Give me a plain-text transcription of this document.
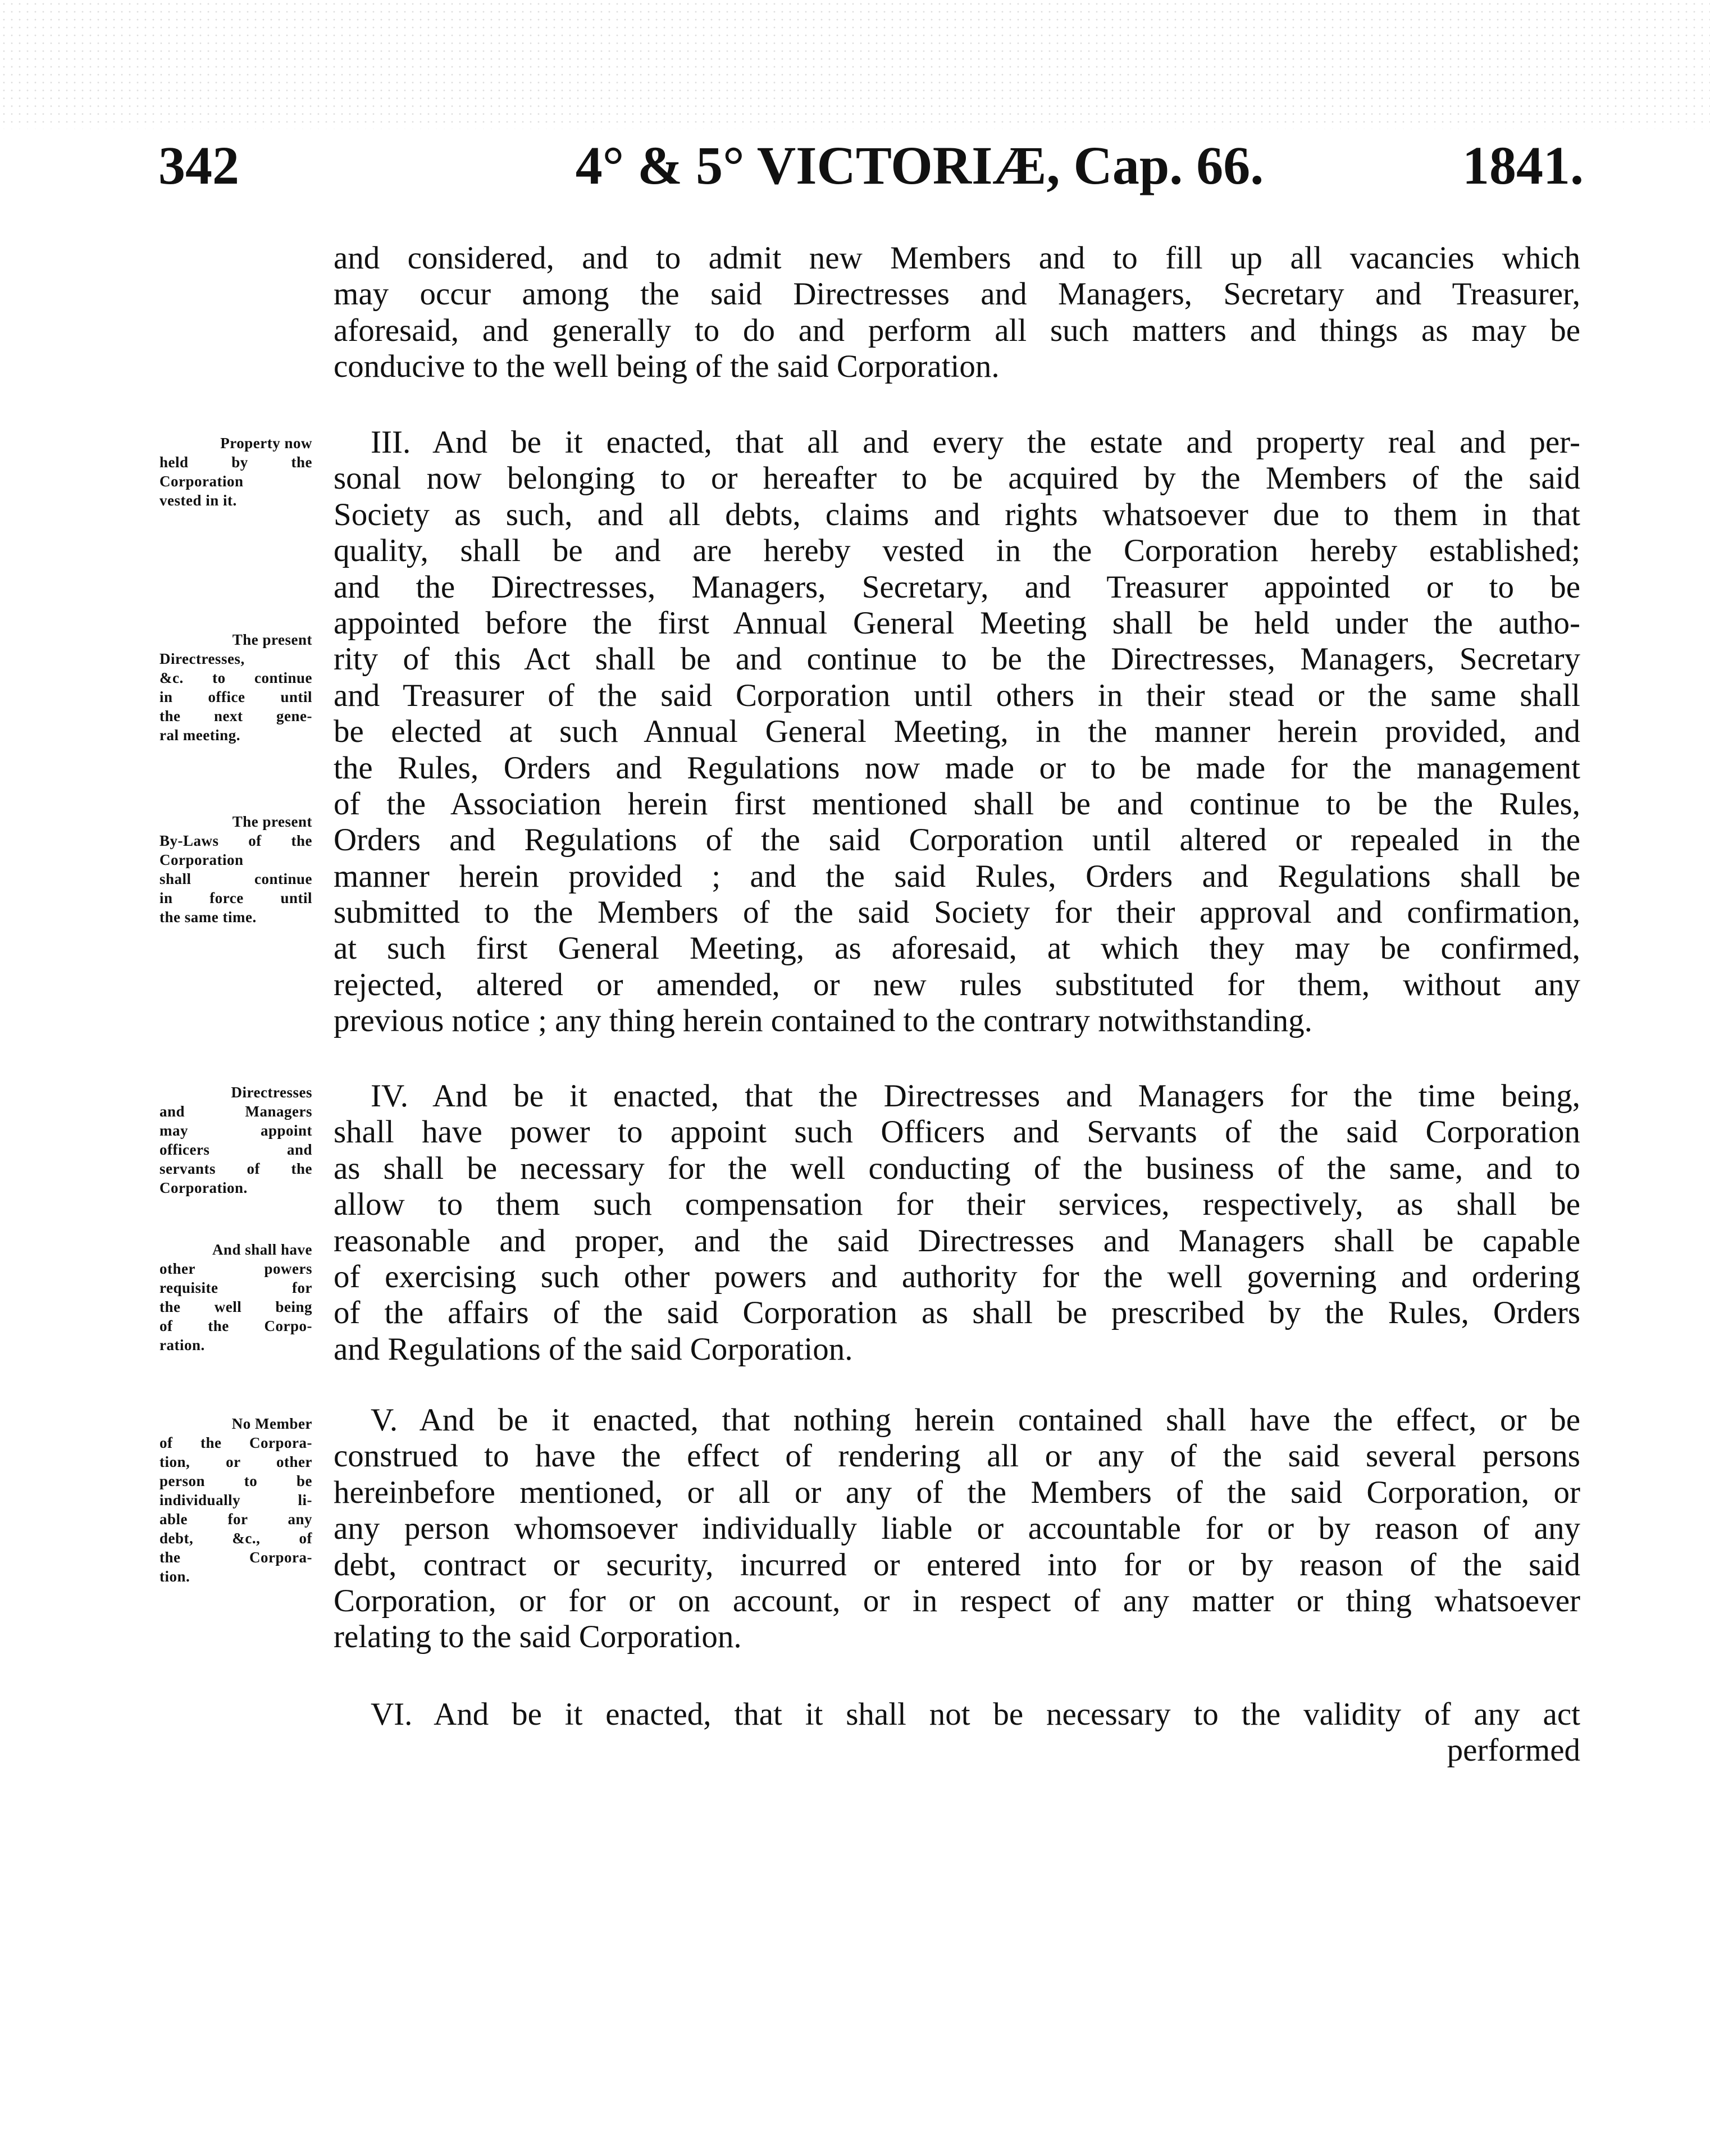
342	4° & 5° VICTORIÆ, Cap. 66.	1841.
and considered, and to admit new Members and to fill up all vacancies which
may occur among the said Directresses and Managers, Secretary and Treasurer,
aforesaid, and generally to do and perform all such matters and things as may be
conducive to the well being of the said Corporation.
III. And be it enacted, that all and every the estate and property real and per-
sonal now belonging to or hereafter to be acquired by the Members of the said
Society as such, and all debts, claims and rights whatsoever due to them in that
quality, shall be and are hereby vested in the Corporation hereby established;
and the Directresses, Managers, Secretary, and Treasurer appointed or to be
appointed before the first Annual General Meeting shall be held under the autho-
rity of this Act shall be and continue to be the Directresses, Managers, Secretary
and Treasurer of the said Corporation until others in their stead or the same shall
be elected at such Annual General Meeting, in the manner herein provided, and
the Rules, Orders and Regulations now made or to be made for the management
of the Association herein first mentioned shall be and continue to be the Rules,
Orders and Regulations of the said Corporation until altered or repealed in the
manner herein provided ; and the said Rules, Orders and Regulations shall be
submitted to the Members of the said Society for their approval and confirmation,
at such first General Meeting, as aforesaid, at which they may be confirmed,
rejected, altered or amended, or new rules substituted for them, without any
previous notice ; any thing herein contained to the contrary notwithstanding.
IV. And be it enacted, that the Directresses and Managers for the time being,
shall have power to appoint such Officers and Servants of the said Corporation
as shall be necessary for the well conducting of the business of the same, and to
allow to them such compensation for their services, respectively, as shall be
reasonable and proper, and the said Directresses and Managers shall be capable
of exercising such other powers and authority for the well governing and ordering
of the affairs of the said Corporation as shall be prescribed by the Rules, Orders
and Regulations of the said Corporation.
V. And be it enacted, that nothing herein contained shall have the effect, or be
construed to have the effect of rendering all or any of the said several persons
hereinbefore mentioned, or all or any of the Members of the said Corporation, or
any person whomsoever individually liable or accountable for or by reason of any
debt, contract or security, incurred or entered into for or by reason of the said
Corporation, or for or on account, or in respect of any matter or thing whatsoever
relating to the said Corporation.
VI. And be it enacted, that it shall not be necessary to the validity of any act
performed
Property now
held by the
Corporation
vested in it.
The present
Directresses,
&c. to continue
in office until
the next gene-
ral meeting.
The present
By-Laws of the
Corporation
shall continue
in force until
the same time.
Directresses
and Managers
may appoint
officers and
servants of the
Corporation.
And shall have
other powers
requisite for
the well being
of the Corpo-
ration.
No Member
of the Corpora-
tion, or other
person to be
individually li-
able for any
debt, &c., of
the Corpora-
tion.
